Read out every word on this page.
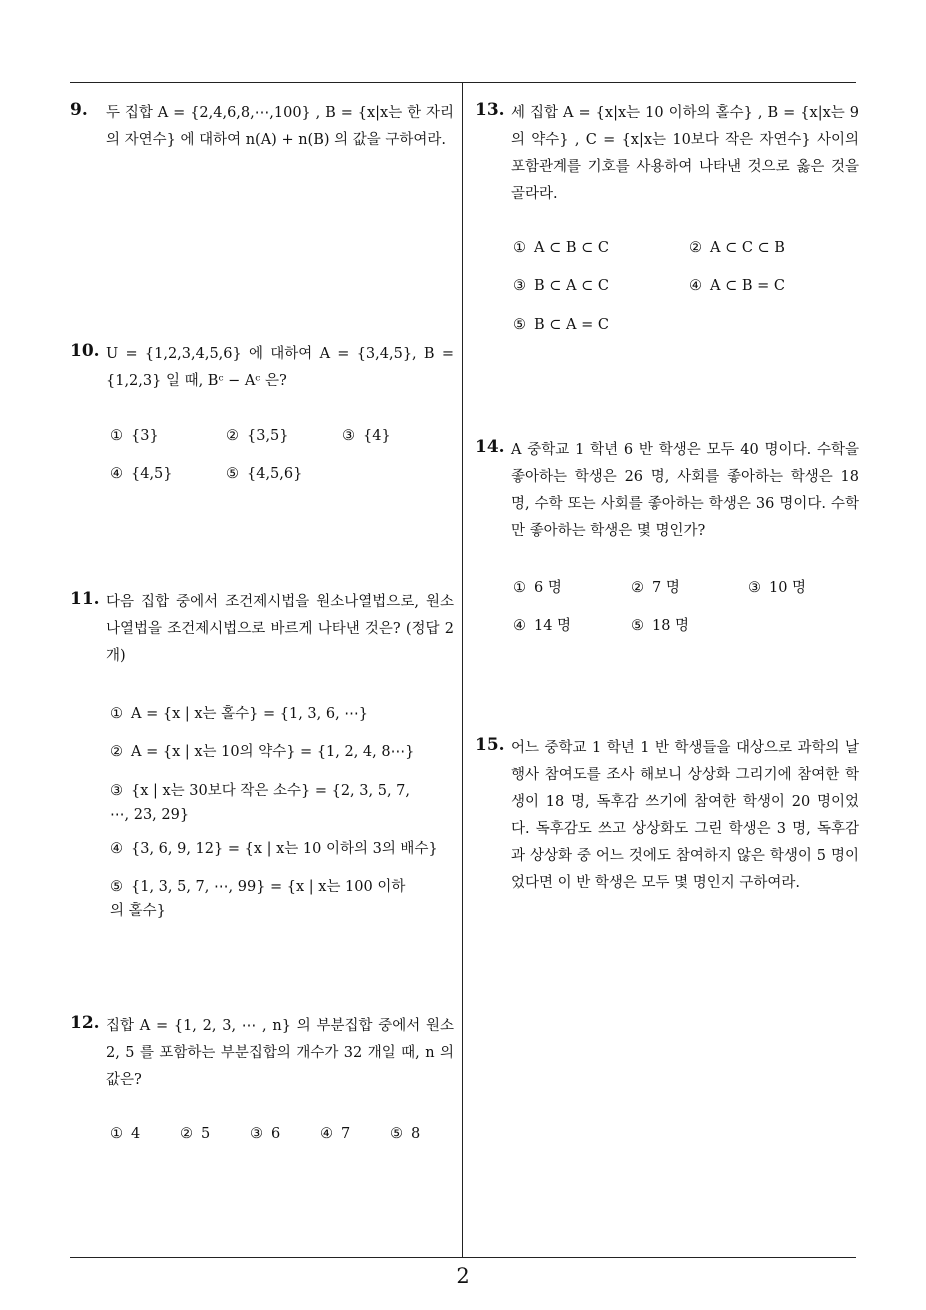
9. 두 집합 A = {2,4,6,8,⋯,100} , B = {x|x는 한 자리의 자연수} 에 대하여 n(A) + n(B) 의 값을 구하여라.
10. U = {1,2,3,4,5,6} 에 대하여 A = {3,4,5}, B = {1,2,3} 일 때, Bᶜ − Aᶜ 은?
① {3}	② {3,5}	③ {4}
④ {4,5}	⑤ {4,5,6}
11. 다음 집합 중에서 조건제시법을 원소나열법으로, 원소나열법을 조건제시법으로 바르게 나타낸 것은? (정답 2 개)
① A = {x | x는 홀수} = {1, 3, 6, ⋯}
② A = {x | x는 10의 약수} = {1, 2, 4, 8⋯}
③ {x | x는 30보다 작은 소수} = {2, 3, 5, 7, ⋯, 23, 29}
④ {3, 6, 9, 12} = {x | x는 10 이하의 3의 배수}
⑤ {1, 3, 5, 7, ⋯, 99} = {x | x는 100 이하의 홀수}
12. 집합 A = {1, 2, 3, ⋯ , n} 의 부분집합 중에서 원소 2, 5 를 포함하는 부분집합의 개수가 32 개일 때, n 의 값은?
① 4	② 5	③ 6	④ 7	⑤ 8
13. 세 집합 A = {x|x는 10 이하의 홀수} , B = {x|x는 9의 약수} , C = {x|x는 10보다 작은 자연수} 사이의 포함관계를 기호를 사용하여 나타낸 것으로 옳은 것을 골라라.
① A ⊂ B ⊂ C	② A ⊂ C ⊂ B
③ B ⊂ A ⊂ C	④ A ⊂ B = C
⑤ B ⊂ A = C
14. A 중학교 1 학년 6 반 학생은 모두 40 명이다. 수학을 좋아하는 학생은 26 명, 사회를 좋아하는 학생은 18 명, 수학 또는 사회를 좋아하는 학생은 36 명이다. 수학만 좋아하는 학생은 몇 명인가?
① 6 명	② 7 명	③ 10 명
④ 14 명	⑤ 18 명
15. 어느 중학교 1 학년 1 반 학생들을 대상으로 과학의 날 행사 참여도를 조사 해보니 상상화 그리기에 참여한 학생이 18 명, 독후감 쓰기에 참여한 학생이 20 명이었다. 독후감도 쓰고 상상화도 그린 학생은 3 명, 독후감과 상상화 중 어느 것에도 참여하지 않은 학생이 5 명이었다면 이 반 학생은 모두 몇 명인지 구하여라.
2
